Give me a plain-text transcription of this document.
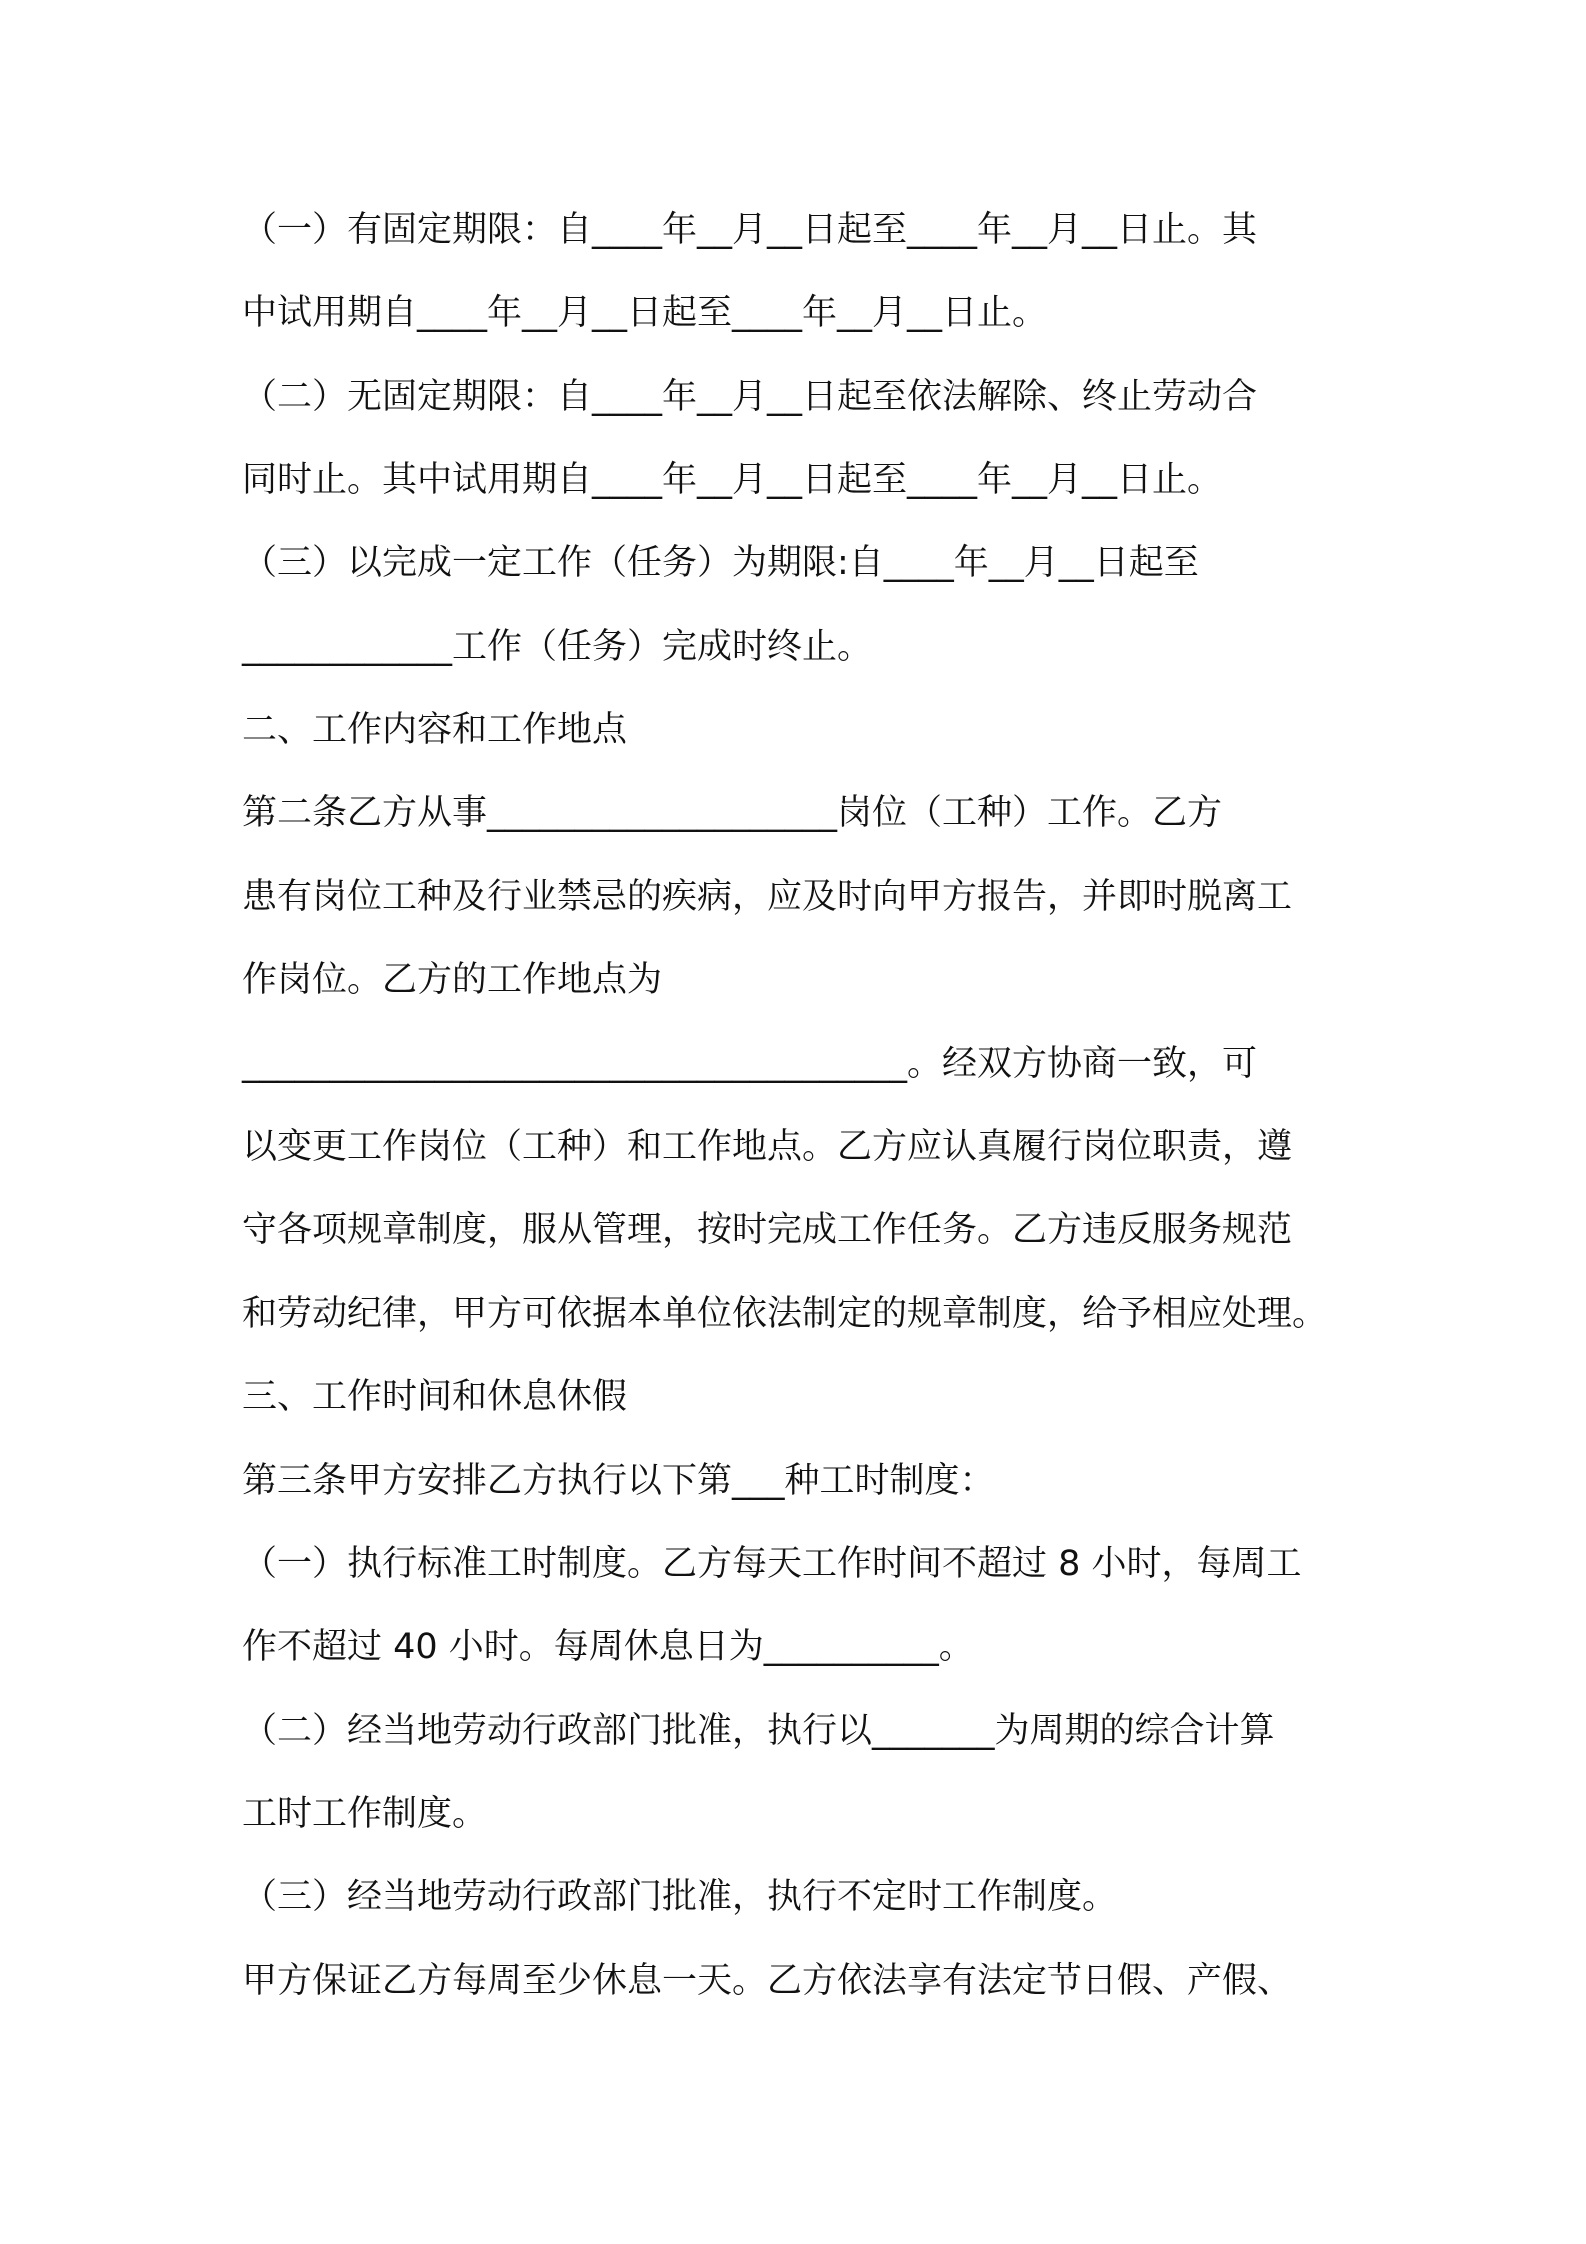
（一）有固定期限：自____年__月__日起至____年__月__日止。其
中试用期自____年__月__日起至____年__月__日止。
（二）无固定期限：自____年__月__日起至依法解除、终止劳动合
同时止。其中试用期自____年__月__日起至____年__月__日止。
（三）以完成一定工作（任务）为期限:自____年__月__日起至
____________工作（任务）完成时终止。
二、工作内容和工作地点
第二条乙方从事____________________岗位（工种）工作。乙方
患有岗位工种及行业禁忌的疾病，应及时向甲方报告，并即时脱离工
作岗位。乙方的工作地点为
______________________________________。经双方协商一致，可
以变更工作岗位（工种）和工作地点。乙方应认真履行岗位职责，遵
守各项规章制度，服从管理，按时完成工作任务。乙方违反服务规范
和劳动纪律，甲方可依据本单位依法制定的规章制度，给予相应处理。
三、工作时间和休息休假
第三条甲方安排乙方执行以下第___种工时制度：
（一）执行标准工时制度。乙方每天工作时间不超过 8 小时，每周工
作不超过 40 小时。每周休息日为__________。
（二）经当地劳动行政部门批准，执行以_______为周期的综合计算
工时工作制度。
（三）经当地劳动行政部门批准，执行不定时工作制度。
甲方保证乙方每周至少休息一天。乙方依法享有法定节日假、产假、
